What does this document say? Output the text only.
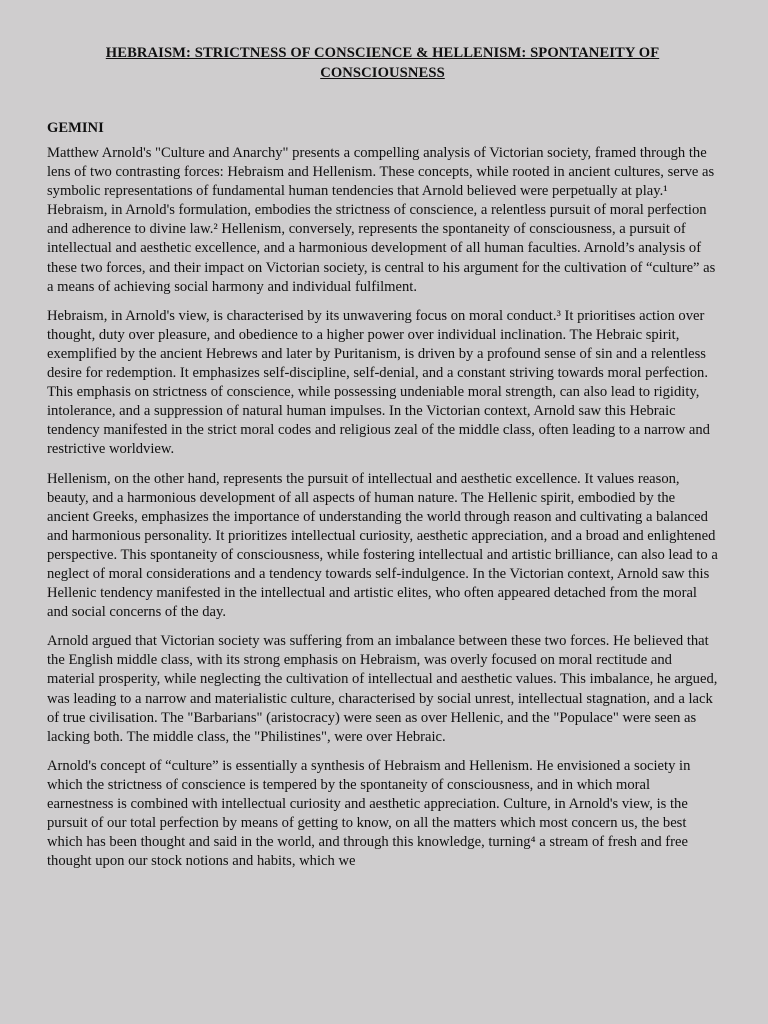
HEBRAISM: STRICTNESS OF CONSCIENCE & HELLENISM: SPONTANEITY OF CONSCIOUSNESS
GEMINI

Matthew Arnold's "Culture and Anarchy" presents a compelling analysis of Victorian society, framed through the lens of two contrasting forces: Hebraism and Hellenism. These concepts, while rooted in ancient cultures, serve as symbolic representations of fundamental human tendencies that Arnold believed were perpetually at play.¹ Hebraism, in Arnold's formulation, embodies the strictness of conscience, a relentless pursuit of moral perfection and adherence to divine law.² Hellenism, conversely, represents the spontaneity of consciousness, a pursuit of intellectual and aesthetic excellence, and a harmonious development of all human faculties. Arnold’s analysis of these two forces, and their impact on Victorian society, is central to his argument for the cultivation of “culture” as a means of achieving social harmony and individual fulfilment.

Hebraism, in Arnold's view, is characterised by its unwavering focus on moral conduct.³ It prioritises action over thought, duty over pleasure, and obedience to a higher power over individual inclination. The Hebraic spirit, exemplified by the ancient Hebrews and later by Puritanism, is driven by a profound sense of sin and a relentless desire for redemption. It emphasizes self-discipline, self-denial, and a constant striving towards moral perfection. This emphasis on strictness of conscience, while possessing undeniable moral strength, can also lead to rigidity, intolerance, and a suppression of natural human impulses. In the Victorian context, Arnold saw this Hebraic tendency manifested in the strict moral codes and religious zeal of the middle class, often leading to a narrow and restrictive worldview.

Hellenism, on the other hand, represents the pursuit of intellectual and aesthetic excellence. It values reason, beauty, and a harmonious development of all aspects of human nature. The Hellenic spirit, embodied by the ancient Greeks, emphasizes the importance of understanding the world through reason and cultivating a balanced and harmonious personality. It prioritizes intellectual curiosity, aesthetic appreciation, and a broad and enlightened perspective. This spontaneity of consciousness, while fostering intellectual and artistic brilliance, can also lead to a neglect of moral considerations and a tendency towards self-indulgence. In the Victorian context, Arnold saw this Hellenic tendency manifested in the intellectual and artistic elites, who often appeared detached from the moral and social concerns of the day.

Arnold argued that Victorian society was suffering from an imbalance between these two forces. He believed that the English middle class, with its strong emphasis on Hebraism, was overly focused on moral rectitude and material prosperity, while neglecting the cultivation of intellectual and aesthetic values. This imbalance, he argued, was leading to a narrow and materialistic culture, characterised by social unrest, intellectual stagnation, and a lack of true civilisation. The "Barbarians" (aristocracy) were seen as over Hellenic, and the "Populace" were seen as lacking both. The middle class, the "Philistines", were over Hebraic.

Arnold's concept of “culture” is essentially a synthesis of Hebraism and Hellenism. He envisioned a society in which the strictness of conscience is tempered by the spontaneity of consciousness, and in which moral earnestness is combined with intellectual curiosity and aesthetic appreciation. Culture, in Arnold's view, is the pursuit of our total perfection by means of getting to know, on all the matters which most concern us, the best which has been thought and said in the world, and through this knowledge, turning⁴ a stream of fresh and free thought upon our stock notions and habits, which we
